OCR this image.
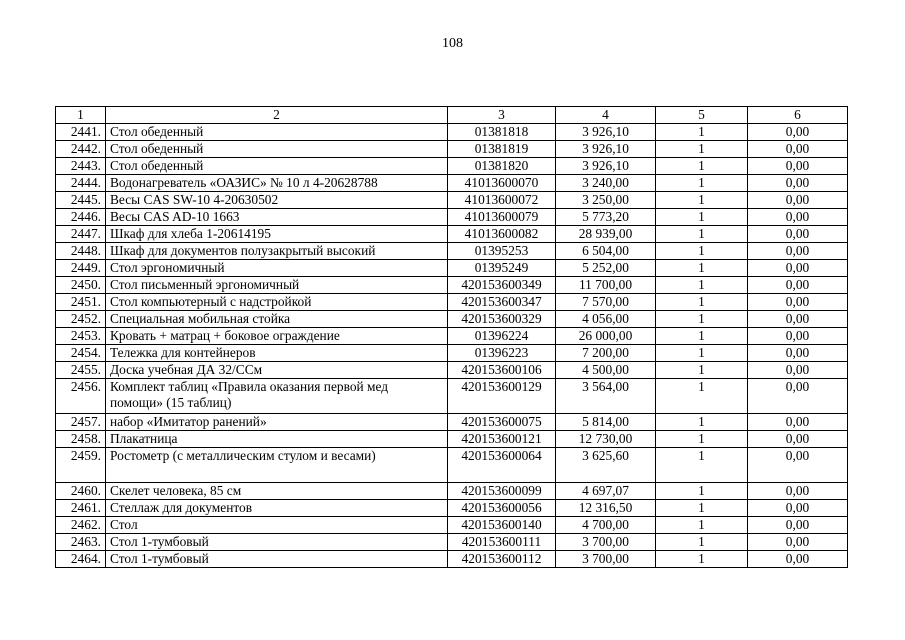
108
1	2	3	4	5	6
2441.	Стол обеденный	01381818	3 926,10	1	0,00
2442.	Стол обеденный	01381819	3 926,10	1	0,00
2443.	Стол обеденный	01381820	3 926,10	1	0,00
2444.	Водонагреватель «ОАЗИС» № 10 л 4-20628788	41013600070	3 240,00	1	0,00
2445.	Весы CAS SW-10 4-20630502	41013600072	3 250,00	1	0,00
2446.	Весы CAS AD-10 1663	41013600079	5 773,20	1	0,00
2447.	Шкаф для хлеба 1-20614195	41013600082	28 939,00	1	0,00
2448.	Шкаф для документов полузакрытый высокий	01395253	6 504,00	1	0,00
2449.	Стол эргономичный	01395249	5 252,00	1	0,00
2450.	Стол письменный эргономичный	420153600349	11 700,00	1	0,00
2451.	Стол компьютерный с надстройкой	420153600347	7 570,00	1	0,00
2452.	Специальная мобильная стойка	420153600329	4 056,00	1	0,00
2453.	Кровать + матрац + боковое ограждение	01396224	26 000,00	1	0,00
2454.	Тележка для контейнеров	01396223	7 200,00	1	0,00
2455.	Доска учебная ДА 32/ССм	420153600106	4 500,00	1	0,00
2456.	Комплект таблиц «Правила оказания первой мед помощи» (15 таблиц)	420153600129	3 564,00	1	0,00
2457.	набор «Имитатор ранений»	420153600075	5 814,00	1	0,00
2458.	Плакатница	420153600121	12 730,00	1	0,00
2459.	Ростометр (с металлическим стулом и весами)	420153600064	3 625,60	1	0,00
2460.	Скелет человека, 85 см	420153600099	4 697,07	1	0,00
2461.	Стеллаж для документов	420153600056	12 316,50	1	0,00
2462.	Стол	420153600140	4 700,00	1	0,00
2463.	Стол 1-тумбовый	420153600111	3 700,00	1	0,00
2464.	Стол 1-тумбовый	420153600112	3 700,00	1	0,00
